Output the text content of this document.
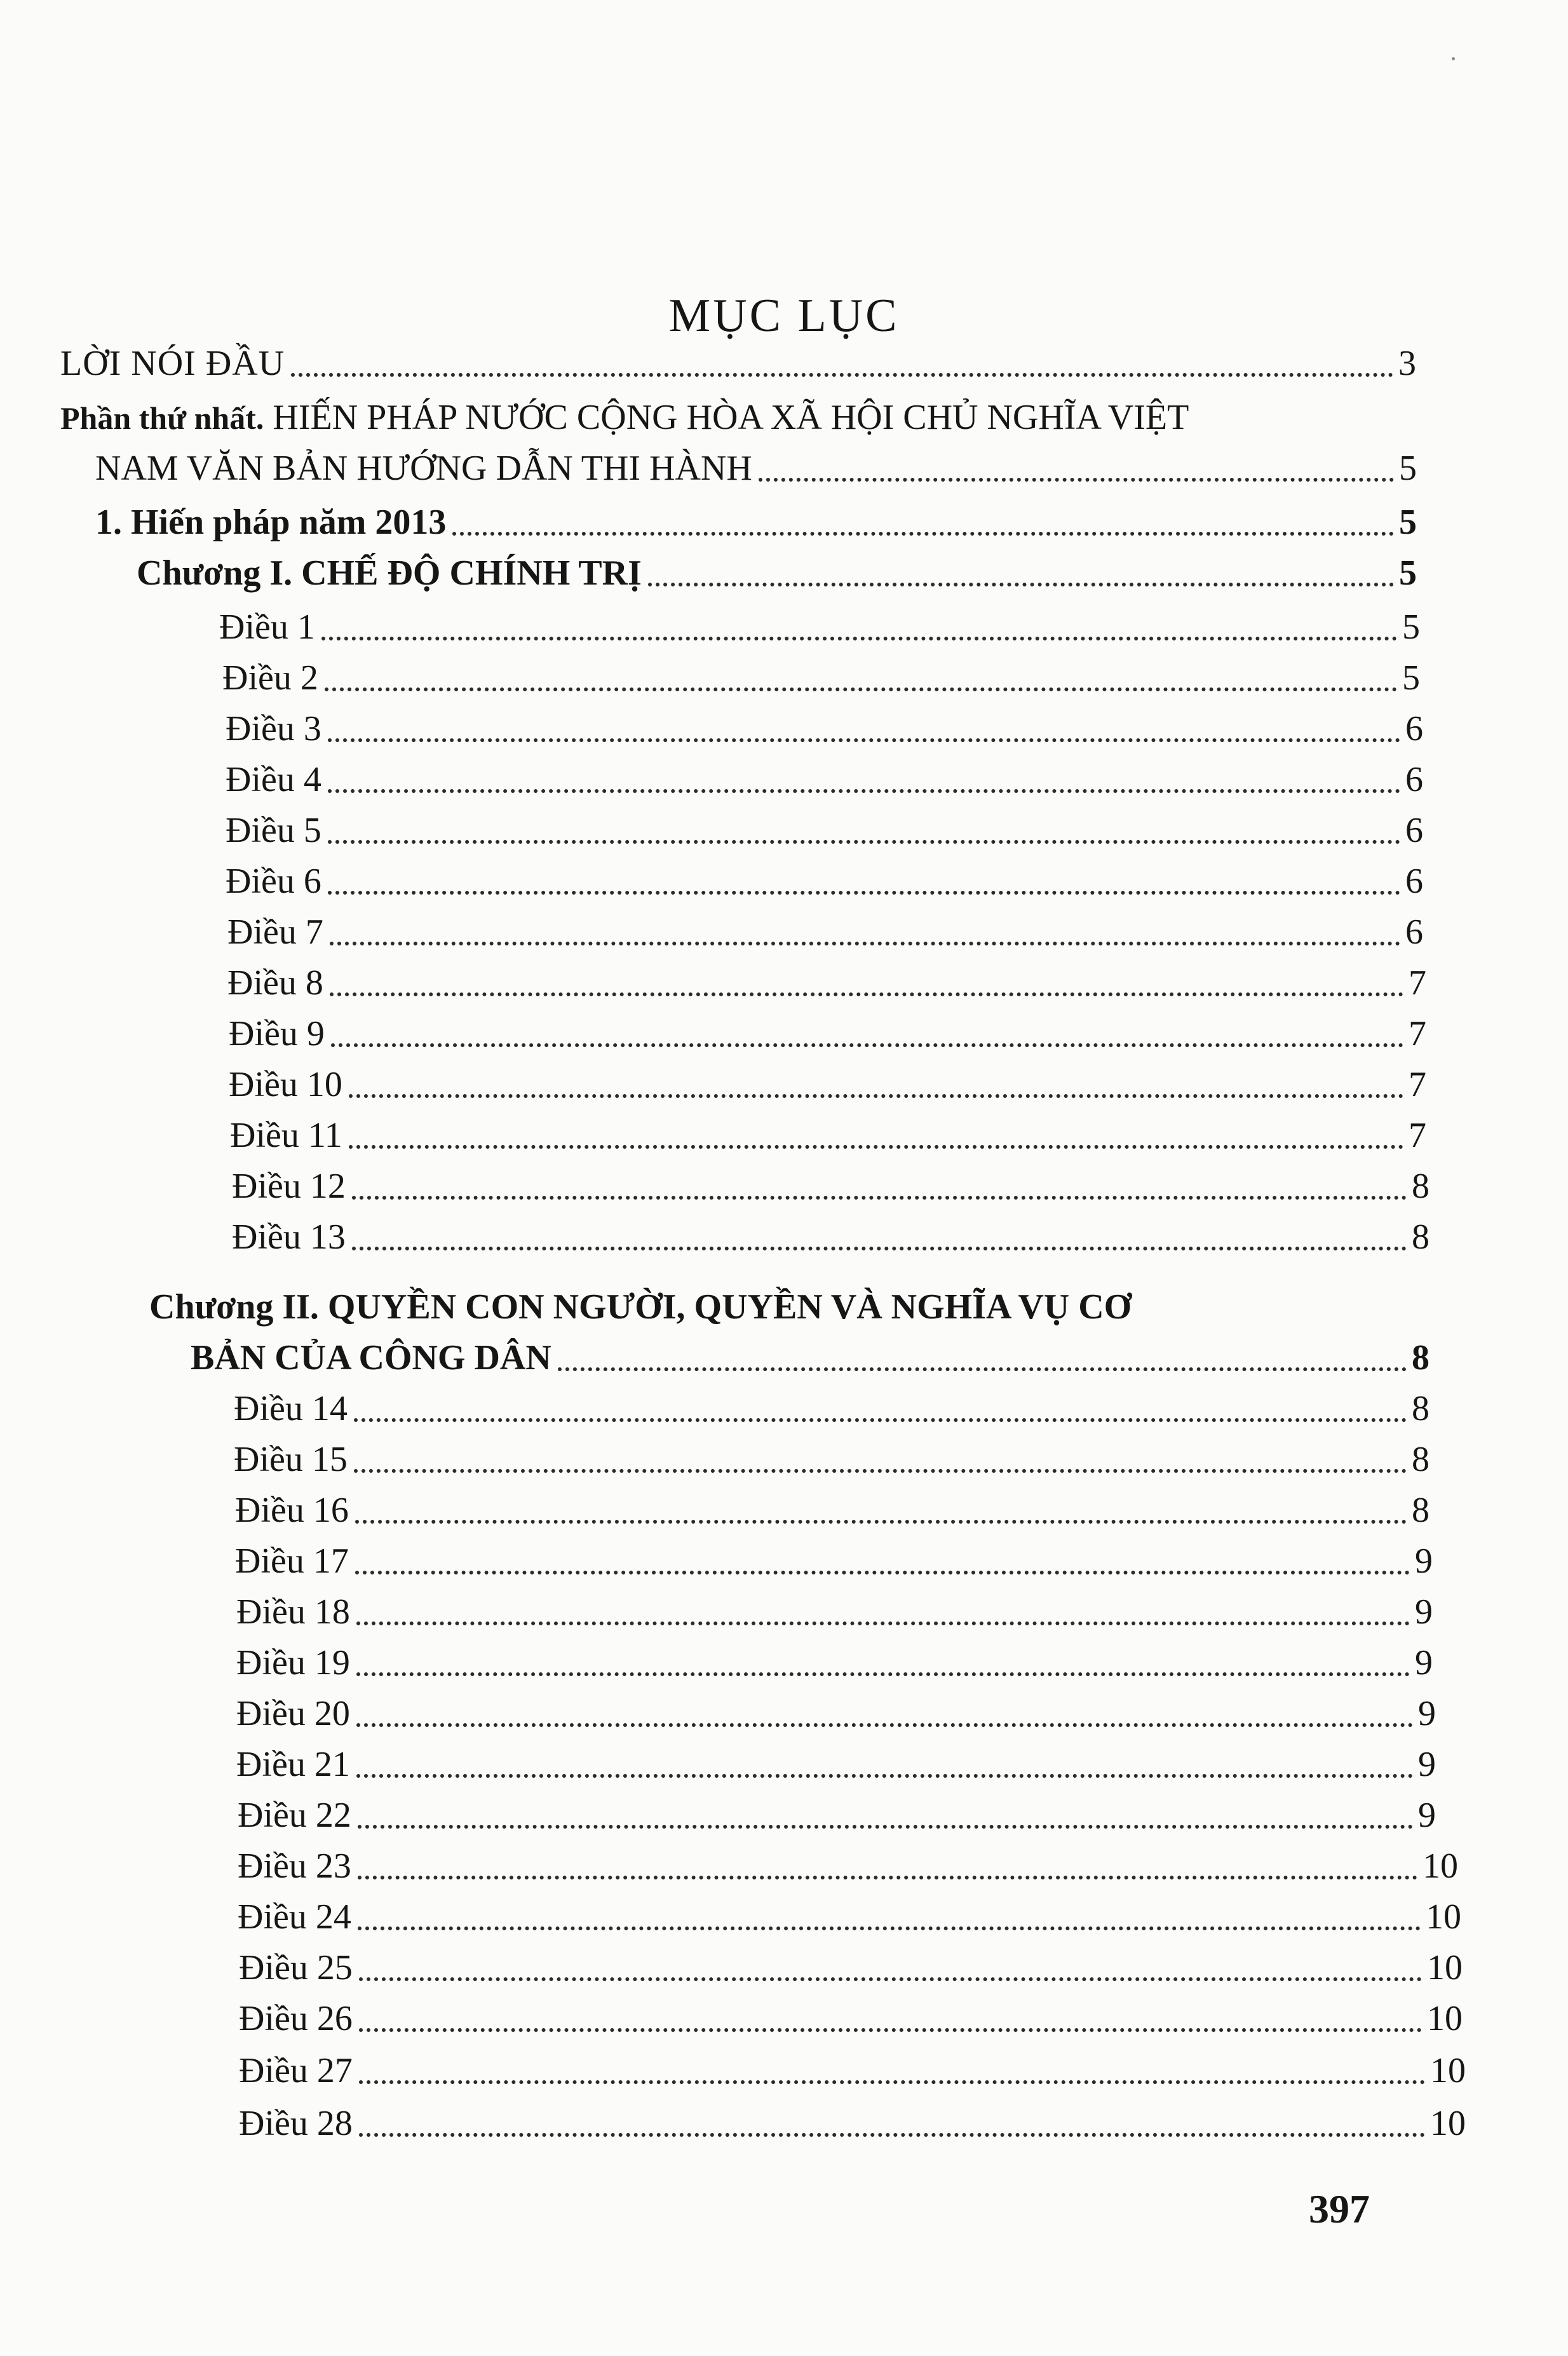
MỤC LỤC
LỜI NÓI ĐẦU	3
Phần thứ nhất. HIẾN PHÁP NƯỚC CỘNG HÒA XÃ HỘI CHỦ NGHĨA VIỆT
NAM VĂN BẢN HƯỚNG DẪN THI HÀNH	5
1. Hiến pháp năm 2013	5
Chương I. CHẾ ĐỘ CHÍNH TRỊ	5
Điều 1	5
Điều 2	5
Điều 3	6
Điều 4	6
Điều 5	6
Điều 6	6
Điều 7	6
Điều 8	7
Điều 9	7
Điều 10	7
Điều 11	7
Điều 12	8
Điều 13	8
Chương II. QUYỀN CON NGƯỜI, QUYỀN VÀ NGHĨA VỤ CƠ
BẢN CỦA CÔNG DÂN	8
Điều 14	8
Điều 15	8
Điều 16	8
Điều 17	9
Điều 18	9
Điều 19	9
Điều 20	9
Điều 21	9
Điều 22	9
Điều 23	10
Điều 24	10
Điều 25	10
Điều 26	10
Điều 27	10
Điều 28	10
397
